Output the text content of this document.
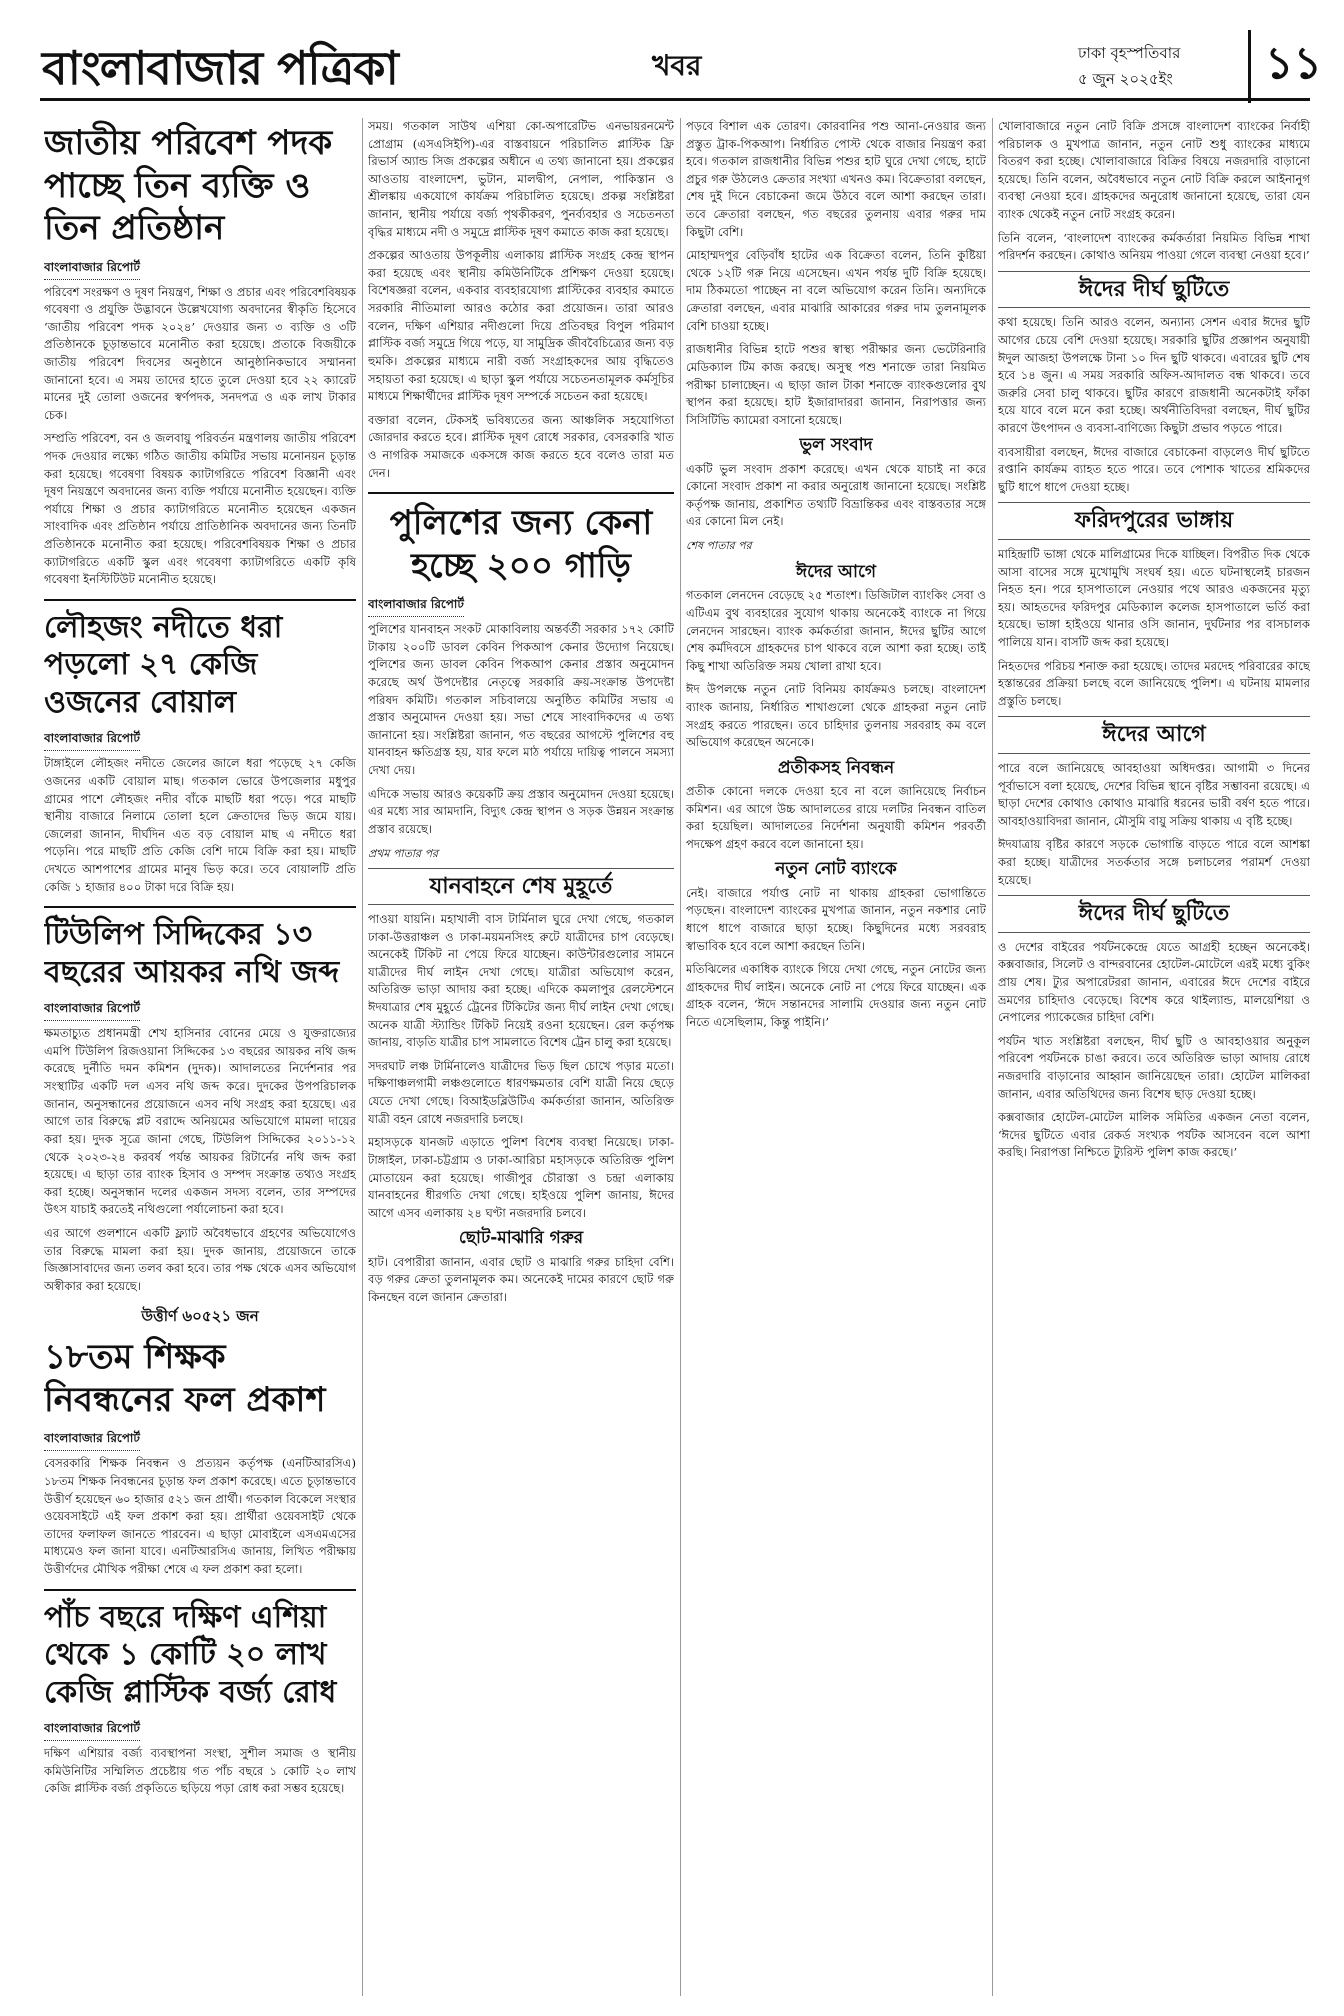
বাংলাবাজার পত্রিকা	খবর	ঢাকা বৃহস্পতিবার
৫ জুন ২০২৫ইং	১১
জাতীয় পরিবেশ পদক পাচ্ছে তিন ব্যক্তি ও তিন প্রতিষ্ঠান
বাংলাবাজার রিপোর্ট

পরিবেশ সংরক্ষণ ও দূষণ নিয়ন্ত্রণ, শিক্ষা ও প্রচার এবং পরিবেশবিষয়ক গবেষণা ও প্রযুক্তি উদ্ভাবনে উল্লেখযোগ্য অবদানের স্বীকৃতি হিসেবে ‘জাতীয় পরিবেশ পদক ২০২৪’ দেওয়ার জন্য ৩ ব্যক্তি ও ৩টি প্রতিষ্ঠানকে চূড়ান্তভাবে মনোনীত করা হয়েছে। প্রতাকে বিজয়ীকে জাতীয় পরিবেশ দিবসের অনুষ্ঠানে আনুষ্ঠানিকভাবে সম্মাননা জানানো হবে। এ সময় তাদের হাতে তুলে দেওয়া হবে ২২ ক্যারেট মানের দুই তোলা ওজনের স্বর্ণপদক, সনদপত্র ও এক লাখ টাকার চেক।

সম্প্রতি পরিবেশ, বন ও জলবায়ু পরিবর্তন মন্ত্রণালয় জাতীয় পরিবেশ পদক দেওয়ার লক্ষ্যে গঠিত জাতীয় কমিটির সভায় মনোনয়ন চূড়ান্ত করা হয়েছে। গবেষণা বিষয়ক ক্যাটাগরিতে পরিবেশ বিজ্ঞানী এবং দূষণ নিয়ন্ত্রণে অবদানের জন্য ব্যক্তি পর্যায়ে মনোনীত হয়েছেন। ব্যক্তি পর্যায়ে শিক্ষা ও প্রচার ক্যাটাগরিতে মনোনীত হয়েছেন একজন সাংবাদিক এবং প্রতিষ্ঠান পর্যায়ে প্রাতিষ্ঠানিক অবদানের জন্য তিনটি প্রতিষ্ঠানকে মনোনীত করা হয়েছে। পরিবেশবিষয়ক শিক্ষা ও প্রচার ক্যাটাগরিতে একটি স্কুল এবং গবেষণা ক্যাটাগরিতে একটি কৃষি গবেষণা ইনস্টিটিউট মনোনীত হয়েছে।

লৌহজং নদীতে ধরা পড়লো ২৭ কেজি ওজনের বোয়াল
বাংলাবাজার রিপোর্ট

টাঙ্গাইলে লৌহজং নদীতে জেলের জালে ধরা পড়েছে ২৭ কেজি ওজনের একটি বোয়াল মাছ। গতকাল ভোরে উপজেলার মধুপুর গ্রামের পাশে লৌহজং নদীর বাঁকে মাছটি ধরা পড়ে। পরে মাছটি স্থানীয় বাজারে নিলামে তোলা হলে ক্রেতাদের ভিড় জমে যায়। জেলেরা জানান, দীর্ঘদিন এত বড় বোয়াল মাছ এ নদীতে ধরা পড়েনি। পরে মাছটি প্রতি কেজি বেশি দামে বিক্রি করা হয়। মাছটি দেখতে আশপাশের গ্রামের মানুষ ভিড় করে। তবে বোয়ালটি প্রতি কেজি ১ হাজার ৪০০ টাকা দরে বিক্রি হয়।

টিউলিপ সিদ্দিকের ১৩ বছরের আয়কর নথি জব্দ
বাংলাবাজার রিপোর্ট

ক্ষমতাচ্যুত প্রধানমন্ত্রী শেখ হাসিনার বোনের মেয়ে ও যুক্তরাজ্যের এমপি টিউলিপ রিজওয়ানা সিদ্দিকের ১৩ বছরের আয়কর নথি জব্দ করেছে দুর্নীতি দমন কমিশন (দুদক)। আদালতের নির্দেশনার পর সংস্থাটির একটি দল এসব নথি জব্দ করে। দুদকের উপপরিচালক জানান, অনুসন্ধানের প্রয়োজনে এসব নথি সংগ্রহ করা হয়েছে। এর আগে তার বিরুদ্ধে প্লট বরাদ্দে অনিয়মের অভিযোগে মামলা দায়ের করা হয়। দুদক সূত্রে জানা গেছে, টিউলিপ সিদ্দিকের ২০১১-১২ থেকে ২০২৩-২৪ করবর্ষ পর্যন্ত আয়কর রিটার্নের নথি জব্দ করা হয়েছে। এ ছাড়া তার ব্যাংক হিসাব ও সম্পদ সংক্রান্ত তথ্যও সংগ্রহ করা হচ্ছে। অনুসন্ধান দলের একজন সদস্য বলেন, তার সম্পদের উৎস যাচাই করতেই নথিগুলো পর্যালোচনা করা হবে।

এর আগে গুলশানে একটি ফ্ল্যাট অবৈধভাবে গ্রহণের অভিযোগেও তার বিরুদ্ধে মামলা করা হয়। দুদক জানায়, প্রয়োজনে তাকে জিজ্ঞাসাবাদের জন্য তলব করা হবে। তার পক্ষ থেকে এসব অভিযোগ অস্বীকার করা হয়েছে।

উত্তীর্ণ ৬০৫২১ জন
১৮তম শিক্ষক নিবন্ধনের ফল প্রকাশ
বাংলাবাজার রিপোর্ট

বেসরকারি শিক্ষক নিবন্ধন ও প্রত্যয়ন কর্তৃপক্ষ (এনটিআরসিএ) ১৮তম শিক্ষক নিবন্ধনের চূড়ান্ত ফল প্রকাশ করেছে। এতে চূড়ান্তভাবে উত্তীর্ণ হয়েছেন ৬০ হাজার ৫২১ জন প্রার্থী। গতকাল বিকেলে সংস্থার ওয়েবসাইটে এই ফল প্রকাশ করা হয়। প্রার্থীরা ওয়েবসাইট থেকে তাদের ফলাফল জানতে পারবেন। এ ছাড়া মোবাইলে এসএমএসের মাধ্যমেও ফল জানা যাবে। এনটিআরসিএ জানায়, লিখিত পরীক্ষায় উত্তীর্ণদের মৌখিক পরীক্ষা শেষে এ ফল প্রকাশ করা হলো।

পাঁচ বছরে দক্ষিণ এশিয়া থেকে ১ কোটি ২০ লাখ কেজি প্লাস্টিক বর্জ্য রোধ
বাংলাবাজার রিপোর্ট

দক্ষিণ এশিয়ার বর্জ্য ব্যবস্থাপনা সংস্থা, সুশীল সমাজ ও স্থানীয় কমিউনিটির সম্মিলিত প্রচেষ্টায় গত পাঁচ বছরে ১ কোটি ২০ লাখ কেজি প্লাস্টিক বর্জ্য প্রকৃতিতে ছড়িয়ে পড়া রোধ করা সম্ভব হয়েছে।

সময়। গতকাল সাউথ এশিয়া কো-অপারেটিভ এনভায়রনমেন্ট প্রোগ্রাম (এসএসিইপি)-এর বাস্তবায়নে পরিচালিত প্লাস্টিক ফ্রি রিভার্স অ্যান্ড সিজ প্রকল্পের অধীনে এ তথ্য জানানো হয়। প্রকল্পের আওতায় বাংলাদেশ, ভুটান, মালদ্বীপ, নেপাল, পাকিস্তান ও শ্রীলঙ্কায় একযোগে কার্যক্রম পরিচালিত হয়েছে। প্রকল্প সংশ্লিষ্টরা জানান, স্থানীয় পর্যায়ে বর্জ্য পৃথকীকরণ, পুনর্ব্যবহার ও সচেতনতা বৃদ্ধির মাধ্যমে নদী ও সমুদ্রে প্লাস্টিক দূষণ কমাতে কাজ করা হয়েছে।

প্রকল্পের আওতায় উপকূলীয় এলাকায় প্লাস্টিক সংগ্রহ কেন্দ্র স্থাপন করা হয়েছে এবং স্থানীয় কমিউনিটিকে প্রশিক্ষণ দেওয়া হয়েছে। বিশেষজ্ঞরা বলেন, একবার ব্যবহারযোগ্য প্লাস্টিকের ব্যবহার কমাতে সরকারি নীতিমালা আরও কঠোর করা প্রয়োজন। তারা আরও বলেন, দক্ষিণ এশিয়ার নদীগুলো দিয়ে প্রতিবছর বিপুল পরিমাণ প্লাস্টিক বর্জ্য সমুদ্রে গিয়ে পড়ে, যা সামুদ্রিক জীববৈচিত্র্যের জন্য বড় হুমকি। প্রকল্পের মাধ্যমে নারী বর্জ্য সংগ্রাহকদের আয় বৃদ্ধিতেও সহায়তা করা হয়েছে। এ ছাড়া স্কুল পর্যায়ে সচেতনতামূলক কর্মসূচির মাধ্যমে শিক্ষার্থীদের প্লাস্টিক দূষণ সম্পর্কে সচেতন করা হয়েছে।

বক্তারা বলেন, টেকসই ভবিষ্যতের জন্য আঞ্চলিক সহযোগিতা জোরদার করতে হবে। প্লাস্টিক দূষণ রোধে সরকার, বেসরকারি খাত ও নাগরিক সমাজকে একসঙ্গে কাজ করতে হবে বলেও তারা মত দেন।

পুলিশের জন্য কেনা হচ্ছে ২০০ গাড়ি
বাংলাবাজার রিপোর্ট

পুলিশের যানবাহন সংকট মোকাবিলায় অন্তর্বর্তী সরকার ১৭২ কোটি টাকায় ২০০টি ডাবল কেবিন পিকআপ কেনার উদ্যোগ নিয়েছে। পুলিশের জন্য ডাবল কেবিন পিকআপ কেনার প্রস্তাব অনুমোদন করেছে অর্থ উপদেষ্টার নেতৃত্বে সরকারি ক্রয়-সংক্রান্ত উপদেষ্টা পরিষদ কমিটি। গতকাল সচিবালয়ে অনুষ্ঠিত কমিটির সভায় এ প্রস্তাব অনুমোদন দেওয়া হয়। সভা শেষে সাংবাদিকদের এ তথ্য জানানো হয়। সংশ্লিষ্টরা জানান, গত বছরের আগস্টে পুলিশের বহু যানবাহন ক্ষতিগ্রস্ত হয়, যার ফলে মাঠ পর্যায়ে দায়িত্ব পালনে সমস্যা দেখা দেয়।

এদিকে সভায় আরও কয়েকটি ক্রয় প্রস্তাব অনুমোদন দেওয়া হয়েছে। এর মধ্যে সার আমদানি, বিদ্যুৎ কেন্দ্র স্থাপন ও সড়ক উন্নয়ন সংক্রান্ত প্রস্তাব রয়েছে।

প্রথম পাতার পর
যানবাহনে শেষ মুহূর্তে

পাওয়া যায়নি। মহাখালী বাস টার্মিনাল ঘুরে দেখা গেছে, গতকাল ঢাকা-উত্তরাঞ্চল ও ঢাকা-ময়মনসিংহ রুটে যাত্রীদের চাপ বেড়েছে। অনেকেই টিকিট না পেয়ে ফিরে যাচ্ছেন। কাউন্টারগুলোর সামনে যাত্রীদের দীর্ঘ লাইন দেখা গেছে। যাত্রীরা অভিযোগ করেন, অতিরিক্ত ভাড়া আদায় করা হচ্ছে। এদিকে কমলাপুর রেলস্টেশনে ঈদযাত্রার শেষ মুহূর্তে ট্রেনের টিকিটের জন্য দীর্ঘ লাইন দেখা গেছে। অনেক যাত্রী স্ট্যান্ডিং টিকিট নিয়েই রওনা হয়েছেন। রেল কর্তৃপক্ষ জানায়, বাড়তি যাত্রীর চাপ সামলাতে বিশেষ ট্রেন চালু করা হয়েছে।

সদরঘাট লঞ্চ টার্মিনালেও যাত্রীদের ভিড় ছিল চোখে পড়ার মতো। দক্ষিণাঞ্চলগামী লঞ্চগুলোতে ধারণক্ষমতার বেশি যাত্রী নিয়ে ছেড়ে যেতে দেখা গেছে। বিআইডব্লিউটিএ কর্মকর্তারা জানান, অতিরিক্ত যাত্রী বহন রোধে নজরদারি চলছে।

মহাসড়কে যানজট এড়াতে পুলিশ বিশেষ ব্যবস্থা নিয়েছে। ঢাকা-টাঙ্গাইল, ঢাকা-চট্টগ্রাম ও ঢাকা-আরিচা মহাসড়কে অতিরিক্ত পুলিশ মোতায়েন করা হয়েছে। গাজীপুর চৌরাস্তা ও চন্দ্রা এলাকায় যানবাহনের ধীরগতি দেখা গেছে। হাইওয়ে পুলিশ জানায়, ঈদের আগে এসব এলাকায় ২৪ ঘণ্টা নজরদারি চলবে।

ছোট-মাঝারি গরুর

হাট। বেপারীরা জানান, এবার ছোট ও মাঝারি গরুর চাহিদা বেশি। বড় গরুর ক্রেতা তুলনামূলক কম। অনেকেই দামের কারণে ছোট গরু কিনছেন বলে জানান ক্রেতারা।

পড়বে বিশাল এক তোরণ। কোরবানির পশু আনা-নেওয়ার জন্য প্রস্তুত ট্রাক-পিকআপ। নির্ধারিত পোস্ট থেকে বাজার নিয়ন্ত্রণ করা হবে। গতকাল রাজধানীর বিভিন্ন পশুর হাট ঘুরে দেখা গেছে, হাটে প্রচুর গরু উঠলেও ক্রেতার সংখ্যা এখনও কম। বিক্রেতারা বলছেন, শেষ দুই দিনে বেচাকেনা জমে উঠবে বলে আশা করছেন তারা। তবে ক্রেতারা বলছেন, গত বছরের তুলনায় এবার গরুর দাম কিছুটা বেশি।

মোহাম্মদপুর বেড়িবাঁধ হাটের এক বিক্রেতা বলেন, তিনি কুষ্টিয়া থেকে ১২টি গরু নিয়ে এসেছেন। এখন পর্যন্ত দুটি বিক্রি হয়েছে। দাম ঠিকমতো পাচ্ছেন না বলে অভিযোগ করেন তিনি। অন্যদিকে ক্রেতারা বলছেন, এবার মাঝারি আকারের গরুর দাম তুলনামূলক বেশি চাওয়া হচ্ছে।

রাজধানীর বিভিন্ন হাটে পশুর স্বাস্থ্য পরীক্ষার জন্য ভেটেরিনারি মেডিক্যাল টিম কাজ করছে। অসুস্থ পশু শনাক্তে তারা নিয়মিত পরীক্ষা চালাচ্ছেন। এ ছাড়া জাল টাকা শনাক্তে ব্যাংকগুলোর বুথ স্থাপন করা হয়েছে। হাট ইজারাদাররা জানান, নিরাপত্তার জন্য সিসিটিভি ক্যামেরা বসানো হয়েছে।

ভুল সংবাদ

একটি ভুল সংবাদ প্রকাশ করেছে। এখন থেকে যাচাই না করে কোনো সংবাদ প্রকাশ না করার অনুরোধ জানানো হয়েছে। সংশ্লিষ্ট কর্তৃপক্ষ জানায়, প্রকাশিত তথ্যটি বিভ্রান্তিকর এবং বাস্তবতার সঙ্গে এর কোনো মিল নেই।

শেষ পাতার পর
ঈদের আগে

গতকাল লেনদেন বেড়েছে ২৫ শতাংশ। ডিজিটাল ব্যাংকিং সেবা ও এটিএম বুথ ব্যবহারের সুযোগ থাকায় অনেকেই ব্যাংকে না গিয়ে লেনদেন সারছেন। ব্যাংক কর্মকর্তারা জানান, ঈদের ছুটির আগে শেষ কর্মদিবসে গ্রাহকদের চাপ থাকবে বলে আশা করা হচ্ছে। তাই কিছু শাখা অতিরিক্ত সময় খোলা রাখা হবে।

ঈদ উপলক্ষে নতুন নোট বিনিময় কার্যক্রমও চলছে। বাংলাদেশ ব্যাংক জানায়, নির্ধারিত শাখাগুলো থেকে গ্রাহকরা নতুন নোট সংগ্রহ করতে পারছেন। তবে চাহিদার তুলনায় সরবরাহ কম বলে অভিযোগ করেছেন অনেকে।

প্রতীকসহ নিবন্ধন

প্রতীক কোনো দলকে দেওয়া হবে না বলে জানিয়েছে নির্বাচন কমিশন। এর আগে উচ্চ আদালতের রায়ে দলটির নিবন্ধন বাতিল করা হয়েছিল। আদালতের নির্দেশনা অনুযায়ী কমিশন পরবর্তী পদক্ষেপ গ্রহণ করবে বলে জানানো হয়।

নতুন নোট ব্যাংকে

নেই। বাজারে পর্যাপ্ত নোট না থাকায় গ্রাহকরা ভোগান্তিতে পড়ছেন। বাংলাদেশ ব্যাংকের মুখপাত্র জানান, নতুন নকশার নোট ধাপে ধাপে বাজারে ছাড়া হচ্ছে। কিছুদিনের মধ্যে সরবরাহ স্বাভাবিক হবে বলে আশা করছেন তিনি।

মতিঝিলের একাধিক ব্যাংকে গিয়ে দেখা গেছে, নতুন নোটের জন্য গ্রাহকদের দীর্ঘ লাইন। অনেকে নোট না পেয়ে ফিরে যাচ্ছেন। এক গ্রাহক বলেন, ‘ঈদে সন্তানদের সালামি দেওয়ার জন্য নতুন নোট নিতে এসেছিলাম, কিন্তু পাইনি।’

খোলাবাজারে নতুন নোট বিক্রি প্রসঙ্গে বাংলাদেশ ব্যাংকের নির্বাহী পরিচালক ও মুখপাত্র জানান, নতুন নোট শুধু ব্যাংকের মাধ্যমে বিতরণ করা হচ্ছে। খোলাবাজারে বিক্রির বিষয়ে নজরদারি বাড়ানো হয়েছে। তিনি বলেন, অবৈধভাবে নতুন নোট বিক্রি করলে আইনানুগ ব্যবস্থা নেওয়া হবে। গ্রাহকদের অনুরোধ জানানো হয়েছে, তারা যেন ব্যাংক থেকেই নতুন নোট সংগ্রহ করেন।

তিনি বলেন, ‘বাংলাদেশ ব্যাংকের কর্মকর্তারা নিয়মিত বিভিন্ন শাখা পরিদর্শন করছেন। কোথাও অনিয়ম পাওয়া গেলে ব্যবস্থা নেওয়া হবে।’

ঈদের দীর্ঘ ছুটিতে

কথা হয়েছে। তিনি আরও বলেন, অন্যান্য সেশন এবার ঈদের ছুটি আগের চেয়ে বেশি দেওয়া হয়েছে। সরকারি ছুটির প্রজ্ঞাপন অনুযায়ী ঈদুল আজহা উপলক্ষে টানা ১০ দিন ছুটি থাকবে। এবারের ছুটি শেষ হবে ১৪ জুন। এ সময় সরকারি অফিস-আদালত বন্ধ থাকবে। তবে জরুরি সেবা চালু থাকবে। ছুটির কারণে রাজধানী অনেকটাই ফাঁকা হয়ে যাবে বলে মনে করা হচ্ছে। অর্থনীতিবিদরা বলছেন, দীর্ঘ ছুটির কারণে উৎপাদন ও ব্যবসা-বাণিজ্যে কিছুটা প্রভাব পড়তে পারে।

ব্যবসায়ীরা বলছেন, ঈদের বাজারে বেচাকেনা বাড়লেও দীর্ঘ ছুটিতে রপ্তানি কার্যক্রম ব্যাহত হতে পারে। তবে পোশাক খাতের শ্রমিকদের ছুটি ধাপে ধাপে দেওয়া হচ্ছে।

ফরিদপুরের ভাঙ্গায়

মাহিন্দ্রাটি ভাঙ্গা থেকে মালিগ্রামের দিকে যাচ্ছিল। বিপরীত দিক থেকে আসা বাসের সঙ্গে মুখোমুখি সংঘর্ষ হয়। এতে ঘটনাস্থলেই চারজন নিহত হন। পরে হাসপাতালে নেওয়ার পথে আরও একজনের মৃত্যু হয়। আহতদের ফরিদপুর মেডিক্যাল কলেজ হাসপাতালে ভর্তি করা হয়েছে। ভাঙ্গা হাইওয়ে থানার ওসি জানান, দুর্ঘটনার পর বাসচালক পালিয়ে যান। বাসটি জব্দ করা হয়েছে।

নিহতদের পরিচয় শনাক্ত করা হয়েছে। তাদের মরদেহ পরিবারের কাছে হস্তান্তরের প্রক্রিয়া চলছে বলে জানিয়েছে পুলিশ। এ ঘটনায় মামলার প্রস্তুতি চলছে।

ঈদের আগে

পারে বলে জানিয়েছে আবহাওয়া অধিদপ্তর। আগামী ৩ দিনের পূর্বাভাসে বলা হয়েছে, দেশের বিভিন্ন স্থানে বৃষ্টির সম্ভাবনা রয়েছে। এ ছাড়া দেশের কোথাও কোথাও মাঝারি ধরনের ভারী বর্ষণ হতে পারে। আবহাওয়াবিদরা জানান, মৌসুমি বায়ু সক্রিয় থাকায় এ বৃষ্টি হচ্ছে।

ঈদযাত্রায় বৃষ্টির কারণে সড়কে ভোগান্তি বাড়তে পারে বলে আশঙ্কা করা হচ্ছে। যাত্রীদের সতর্কতার সঙ্গে চলাচলের পরামর্শ দেওয়া হয়েছে।

ঈদের দীর্ঘ ছুটিতে

ও দেশের বাইরের পর্যটনকেন্দ্রে যেতে আগ্রহী হচ্ছেন অনেকেই। কক্সবাজার, সিলেট ও বান্দরবানের হোটেল-মোটেলে এরই মধ্যে বুকিং প্রায় শেষ। ট্যুর অপারেটররা জানান, এবারের ঈদে দেশের বাইরে ভ্রমণের চাহিদাও বেড়েছে। বিশেষ করে থাইল্যান্ড, মালয়েশিয়া ও নেপালের প্যাকেজের চাহিদা বেশি।

পর্যটন খাত সংশ্লিষ্টরা বলছেন, দীর্ঘ ছুটি ও আবহাওয়ার অনুকূল পরিবেশ পর্যটনকে চাঙা করবে। তবে অতিরিক্ত ভাড়া আদায় রোধে নজরদারি বাড়ানোর আহ্বান জানিয়েছেন তারা। হোটেল মালিকরা জানান, এবার অতিথিদের জন্য বিশেষ ছাড় দেওয়া হচ্ছে।

কক্সবাজার হোটেল-মোটেল মালিক সমিতির একজন নেতা বলেন, ‘ঈদের ছুটিতে এবার রেকর্ড সংখ্যক পর্যটক আসবেন বলে আশা করছি। নিরাপত্তা নিশ্চিতে ট্যুরিস্ট পুলিশ কাজ করছে।’
